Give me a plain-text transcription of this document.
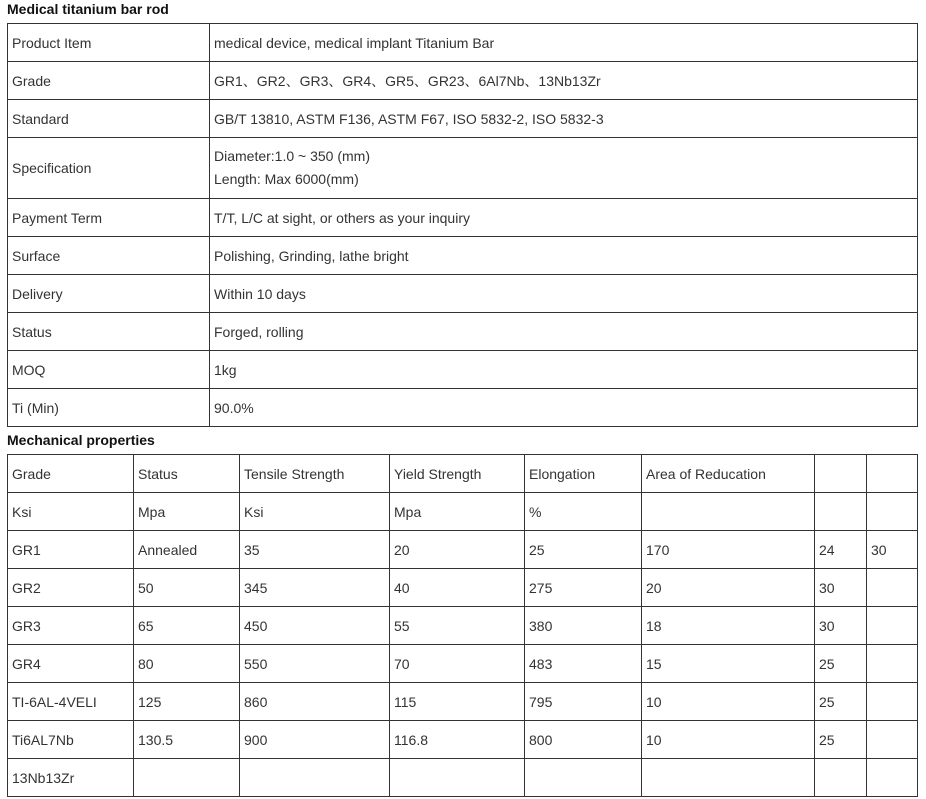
Medical titanium bar rod
Product Item	medical device, medical implant Titanium Bar
Grade	GR1、GR2、GR3、GR4、GR5、GR23、6Al7Nb、13Nb13Zr
Standard	GB/T 13810, ASTM F136, ASTM F67, ISO 5832-2, ISO 5832-3
Specification	Diameter:1.0 ~ 350 (mm)
Length: Max 6000(mm)

Payment Term	T/T, L/C at sight, or others as your inquiry
Surface	Polishing, Grinding, lathe bright
Delivery	Within 10 days
Status	Forged, rolling
MOQ	1kg
Ti (Min)	90.0%
Mechanical properties
Grade	Status	Tensile Strength	Yield Strength	Elongation	Area of Reducation		
Ksi	Mpa	Ksi	Mpa	%			
GR1	Annealed	35	20	25	170	24	30
GR2	50	345	40	275	20	30	
GR3	65	450	55	380	18	30	
GR4	80	550	70	483	15	25	
TI-6AL-4VELI	125	860	115	795	10	25	
Ti6AL7Nb	130.5	900	116.8	800	10	25	
13Nb13Zr							
